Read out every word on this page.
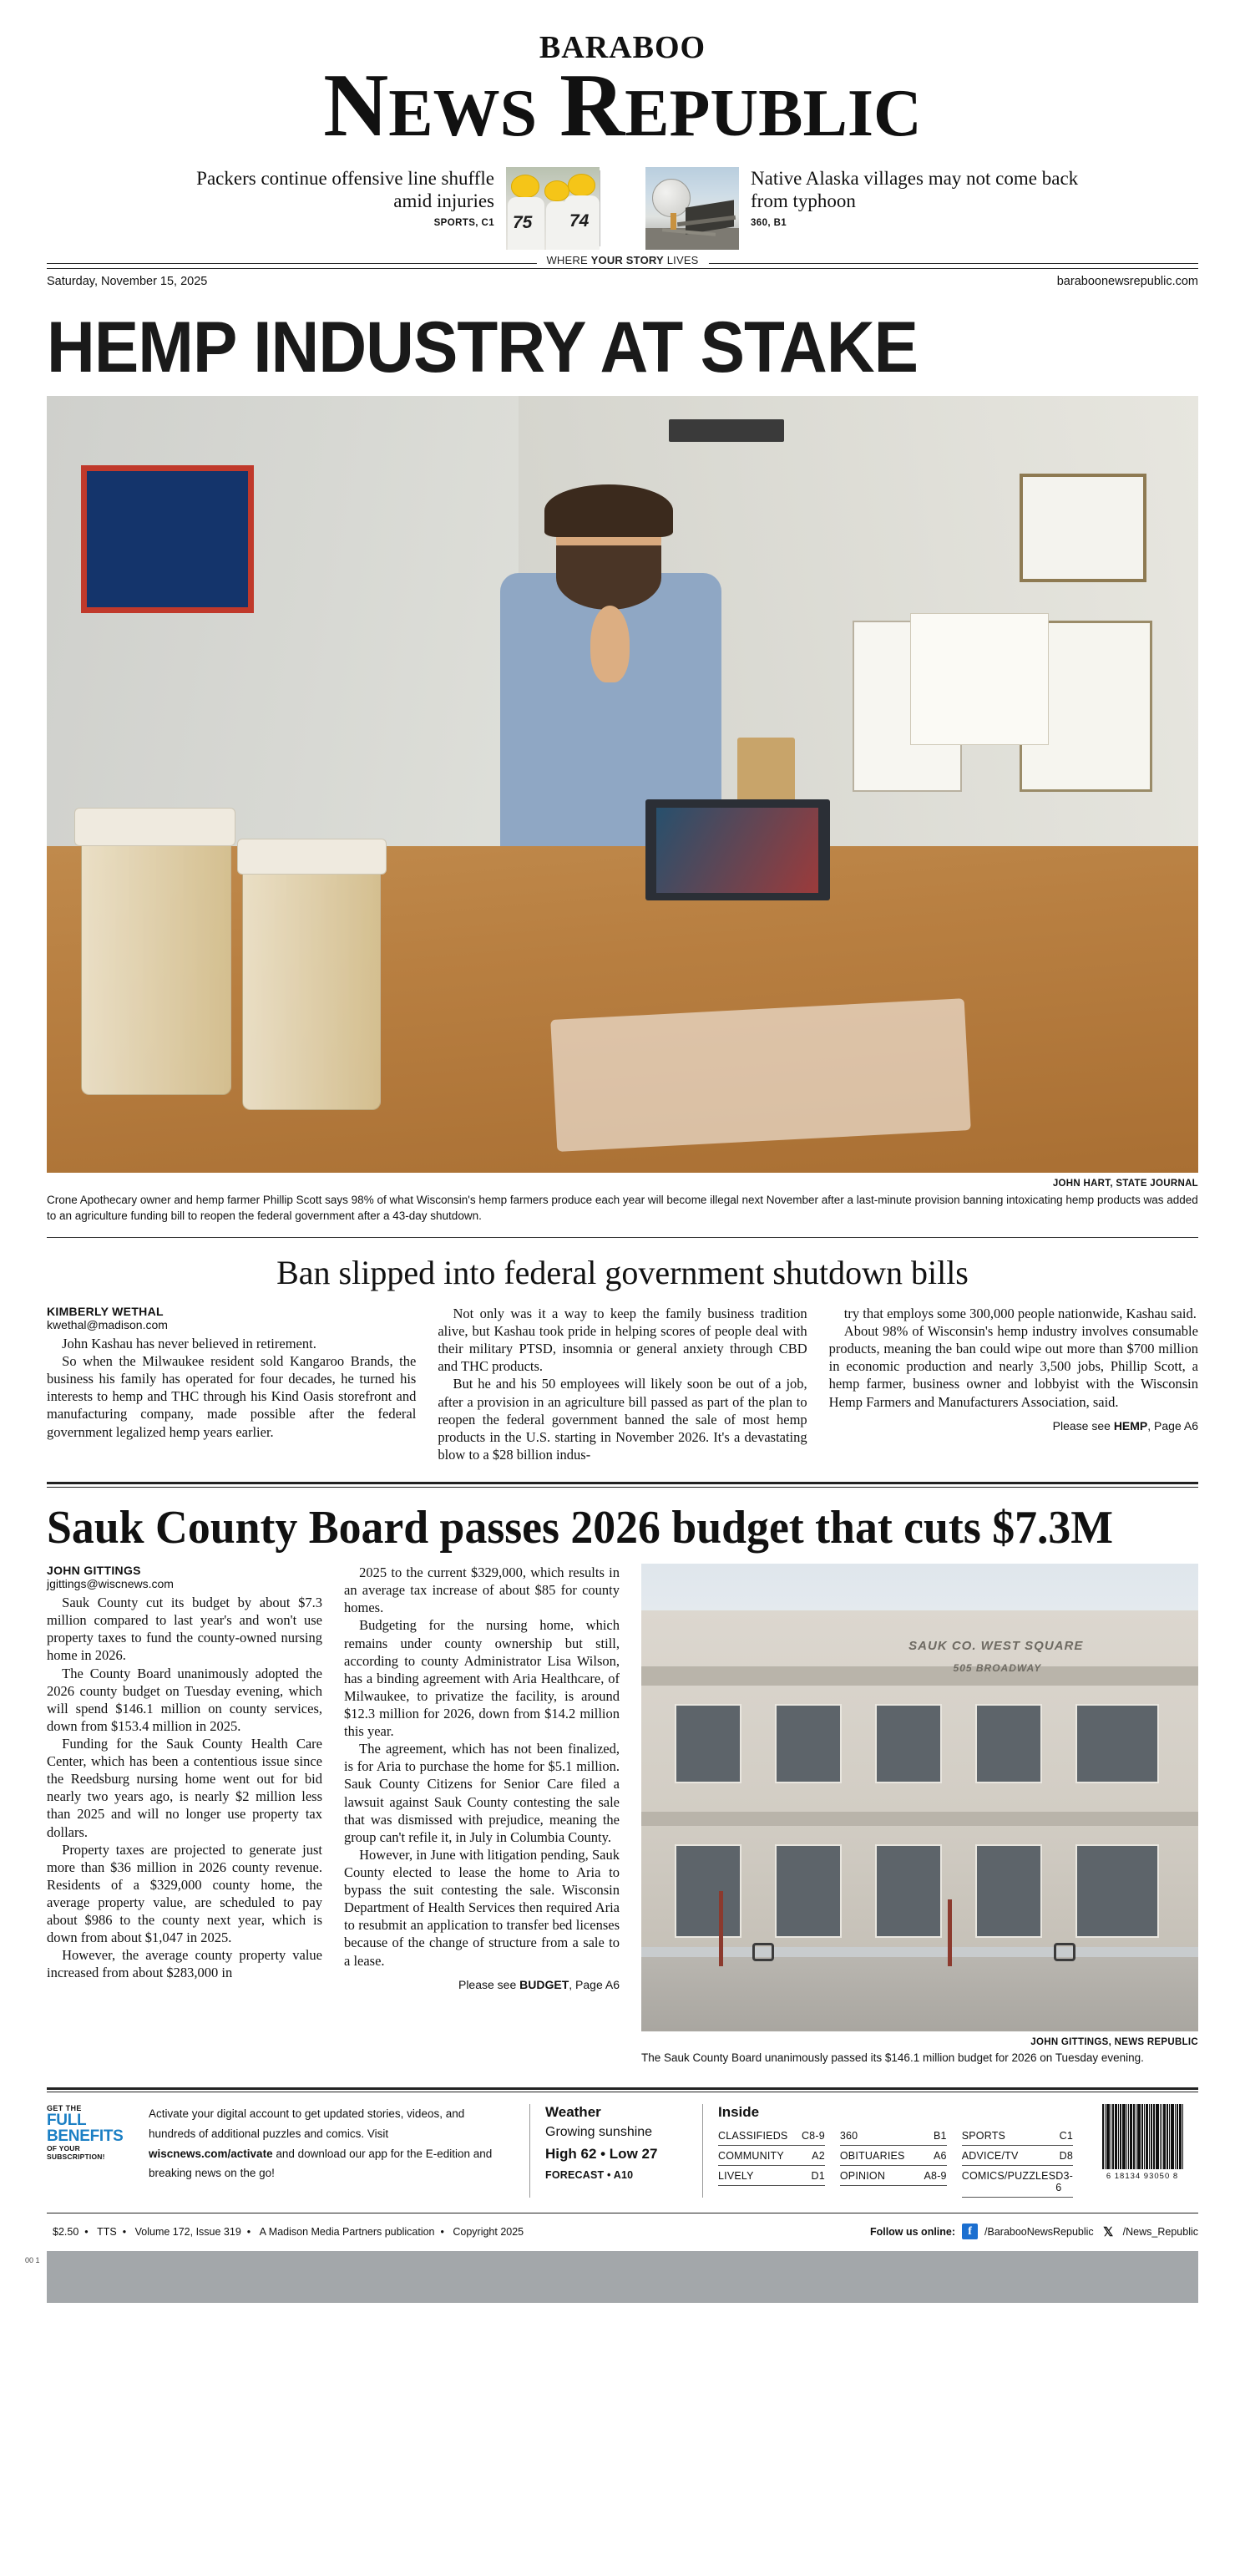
BARABOO
NEWS REPUBLIC
Packers continue offensive line shuffle amid injuries
SPORTS, C1 75 74
Native Alaska villages may not come back from typhoon
360, B1
WHERE YOUR STORY LIVES
Saturday, November 15, 2025	baraboonewsrepublic.com
HEMP INDUSTRY AT STAKE
JOHN HART, STATE JOURNAL
Crone Apothecary owner and hemp farmer Phillip Scott says 98% of what Wisconsin's hemp farmers produce each year will become illegal next November after a last-minute provision banning intoxicating hemp products was added to an agriculture funding bill to reopen the federal government after a 43-day shutdown.
Ban slipped into federal government shutdown bills
KIMBERLY WETHAL
kwethal@madison.com

John Kashau has never believed in retirement.

So when the Milwaukee resident sold Kangaroo Brands, the business his family has operated for four decades, he turned his interests to hemp and THC through his Kind Oasis storefront and manufacturing company, made possible after the federal government legalized hemp years earlier.

Not only was it a way to keep the family business tradition alive, but Kashau took pride in helping scores of people deal with their military PTSD, insomnia or general anxiety through CBD and THC products.

But he and his 50 employees will likely soon be out of a job, after a provision in an agriculture bill passed as part of the plan to reopen the federal government banned the sale of most hemp products in the U.S. starting in November 2026. It's a devastating blow to a $28 billion indus-

try that employs some 300,000 people nationwide, Kashau said.

About 98% of Wisconsin's hemp industry involves consumable products, meaning the ban could wipe out more than $700 million in economic production and nearly 3,500 jobs, Phillip Scott, a hemp farmer, business owner and lobbyist with the Wisconsin Hemp Farmers and Manufacturers Association, said.

Please see HEMP, Page A6
Sauk County Board passes 2026 budget that cuts $7.3M
JOHN GITTINGS
jgittings@wiscnews.com

Sauk County cut its budget by about $7.3 million compared to last year's and won't use property taxes to fund the county-owned nursing home in 2026.

The County Board unanimously adopted the 2026 county budget on Tuesday evening, which will spend $146.1 million on county services, down from $153.4 million in 2025.

Funding for the Sauk County Health Care Center, which has been a contentious issue since the Reedsburg nursing home went out for bid nearly two years ago, is nearly $2 million less than 2025 and will no longer use property tax dollars.

Property taxes are projected to generate just more than $36 million in 2026 county revenue. Residents of a $329,000 county home, the average property value, are scheduled to pay about $986 to the county next year, which is down from about $1,047 in 2025.

However, the average county property value increased from about $283,000 in

2025 to the current $329,000, which results in an average tax increase of about $85 for county homes.

Budgeting for the nursing home, which remains under county ownership but still, according to county Administrator Lisa Wilson, has a binding agreement with Aria Healthcare, of Milwaukee, to privatize the facility, is around $12.3 million for 2026, down from $14.2 million this year.

The agreement, which has not been finalized, is for Aria to purchase the home for $5.1 million. Sauk County Citizens for Senior Care filed a lawsuit against Sauk County contesting the sale that was dismissed with prejudice, meaning the group can't refile it, in July in Columbia County.

However, in June with litigation pending, Sauk County elected to lease the home to Aria to bypass the suit contesting the sale. Wisconsin Department of Health Services then required Aria to resubmit an application to transfer bed licenses because of the change of structure from a sale to a lease.

Please see BUDGET, Page A6
SAUK CO. WEST SQUARE
505 BROADWAY
JOHN GITTINGS, NEWS REPUBLIC
The Sauk County Board unanimously passed its $146.1 million budget for 2026 on Tuesday evening.
GET THE
FULL BENEFITS
OF YOUR SUBSCRIPTION!
Activate your digital account to get updated stories, videos, and hundreds of additional puzzles and comics. Visit wiscnews.com/activate and download our app for the E-edition and breaking news on the go!
Weather
Growing sunshine
High 62 • Low 27
FORECAST • A10
Inside
CLASSIFIEDS C8-9
COMMUNITY	A2
LIVELY	D1
360	B1
OBITUARIES	A6
OPINION	A8-9
SPORTS	C1
ADVICE/TV	D8
COMICS/PUZZLES D3-6
6 18134 93050 8
$2.50 • TTS • Volume 172, Issue 319 • A Madison Media Partners publication • Copyright 2025	Follow us online:	f	/BarabooNewsRepublic 𝕏 /News_Republic
00 1
